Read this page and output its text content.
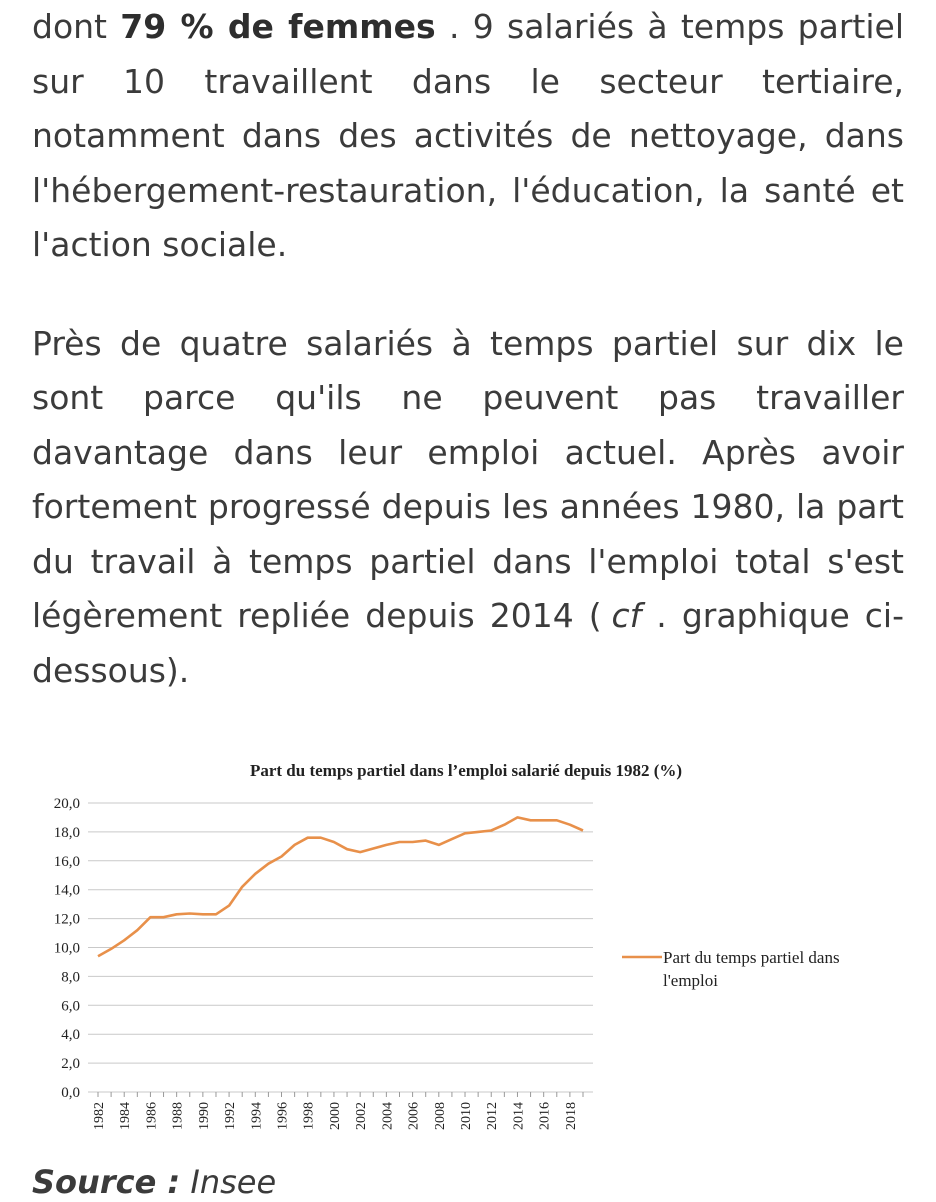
dont 79 % de femmes . 9 salariés à temps partiel sur 10 travaillent dans le secteur tertiaire, notamment dans des activités de nettoyage, dans l'hébergement-restauration, l'éducation, la santé et l'action sociale.

Près de quatre salariés à temps partiel sur dix le sont parce qu'ils ne peuvent pas travailler davantage dans leur emploi actuel. Après avoir fortement progressé depuis les années 1980, la part du travail à temps partiel dans l'emploi total s'est légèrement repliée depuis 2014 ( cf . graphique ci-dessous).

Part du temps partiel dans l’emploi salarié depuis 1982 (%)
0,0
2,0
4,0
6,0
8,0
10,0
12,0
14,0
16,0
18,0
20,0
1982 1984 1986 1988 1990 1992 1994 1996 1998 2000 2002 2004 2006 2008 2010 2012 2014 2016 2018
Part du temps partiel dans l'emploi
Source : Insee
